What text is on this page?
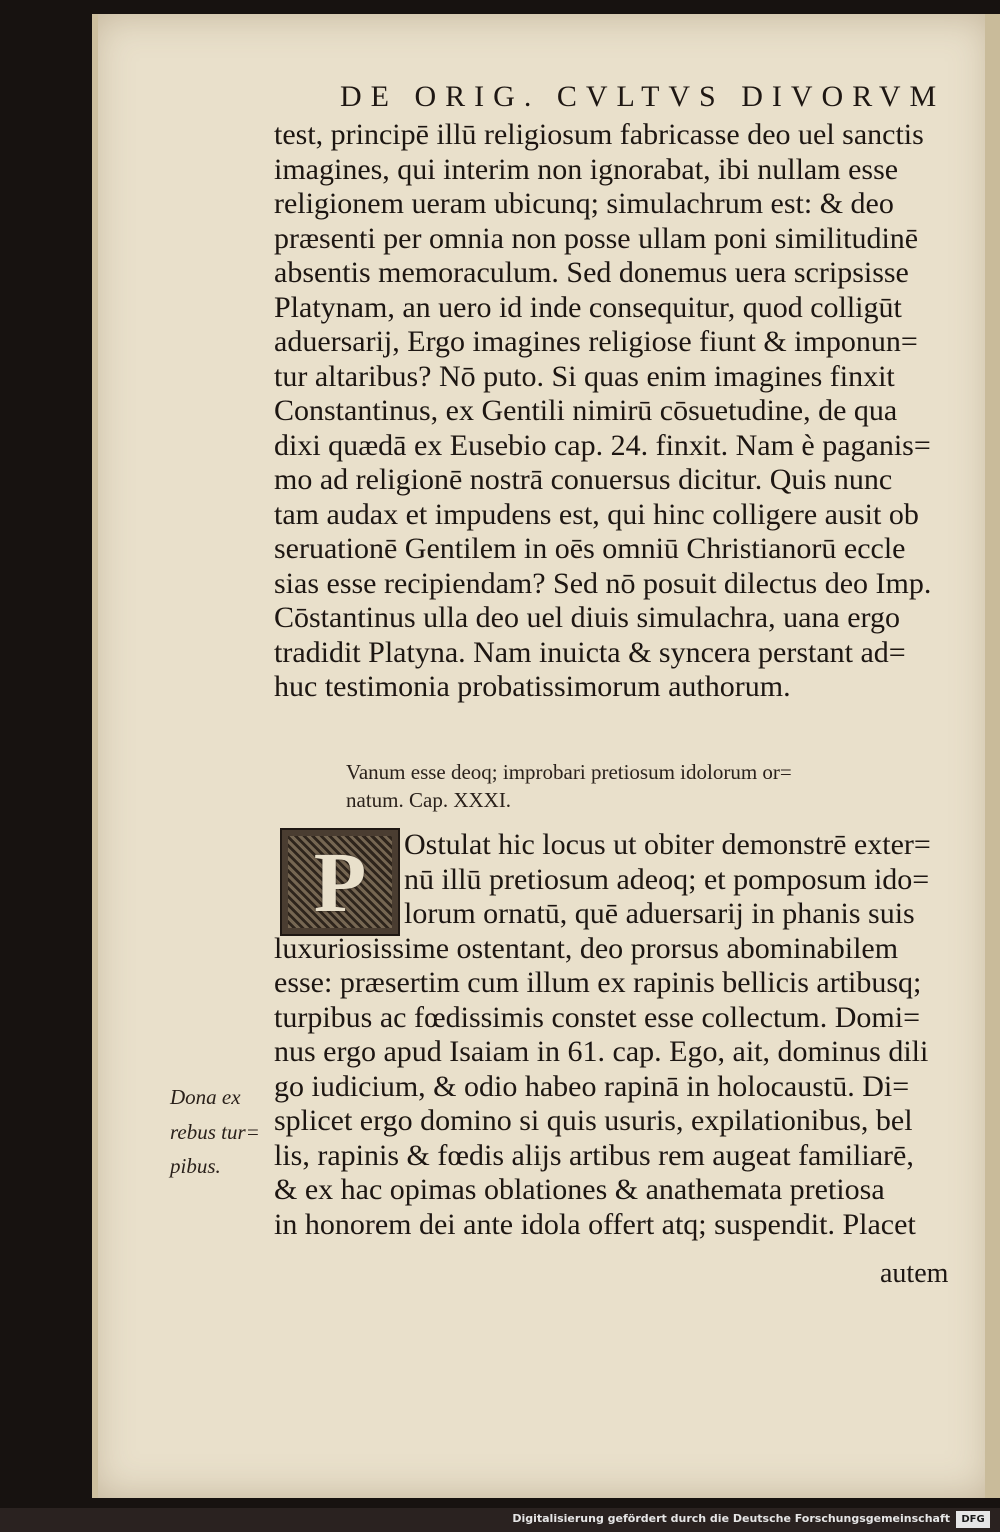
DE ORIG. CVLTVS DIVORVM
test, principē illū religiosum fabricasse deo uel sanctis
imagines, qui interim non ignorabat, ibi nullam esse
religionem ueram ubicunq; simulachrum est: & deo
præsenti per omnia non posse ullam poni similitudinē
absentis memoraculum. Sed donemus uera scripsisse
Platynam, an uero id inde consequitur, quod colligūt
aduersarij, Ergo imagines religiose fiunt & imponun=
tur altaribus? Nō puto. Si quas enim imagines finxit
Constantinus, ex Gentili nimirū cōsuetudine, de qua
dixi quædā ex Eusebio cap. 24. finxit. Nam è paganis=
mo ad religionē nostrā conuersus dicitur. Quis nunc
tam audax et impudens est, qui hinc colligere ausit ob
seruationē Gentilem in oēs omniū Christianorū eccle
sias esse recipiendam? Sed nō posuit dilectus deo Imp.
Cōstantinus ulla deo uel diuis simulachra, uana ergo
tradidit Platyna. Nam inuicta & syncera perstant ad=
huc testimonia probatissimorum authorum.
Vanum esse deoq; improbari pretiosum idolorum or=
natum. Cap. XXXI.
P	Ostulat hic locus ut obiter demonstrē exter=
nū illū pretiosum adeoq; et pomposum ido=
lorum ornatū, quē aduersarij in phanis suis
luxuriosissime ostentant, deo prorsus abominabilem
esse: præsertim cum illum ex rapinis bellicis artibusq;
turpibus ac fœdissimis constet esse collectum. Domi=
nus ergo apud Isaiam in 61. cap. Ego, ait, dominus dili
go iudicium, & odio habeo rapinā in holocaustū. Di=
splicet ergo domino si quis usuris, expilationibus, bel
lis, rapinis & fœdis alijs artibus rem augeat familiarē,
& ex hac opimas oblationes & anathemata pretiosa
in honorem dei ante idola offert atq; suspendit. Placet
Dona ex
rebus tur=
pibus.
autem
Digitalisierung gefördert durch die Deutsche Forschungsgemeinschaft	DFG
